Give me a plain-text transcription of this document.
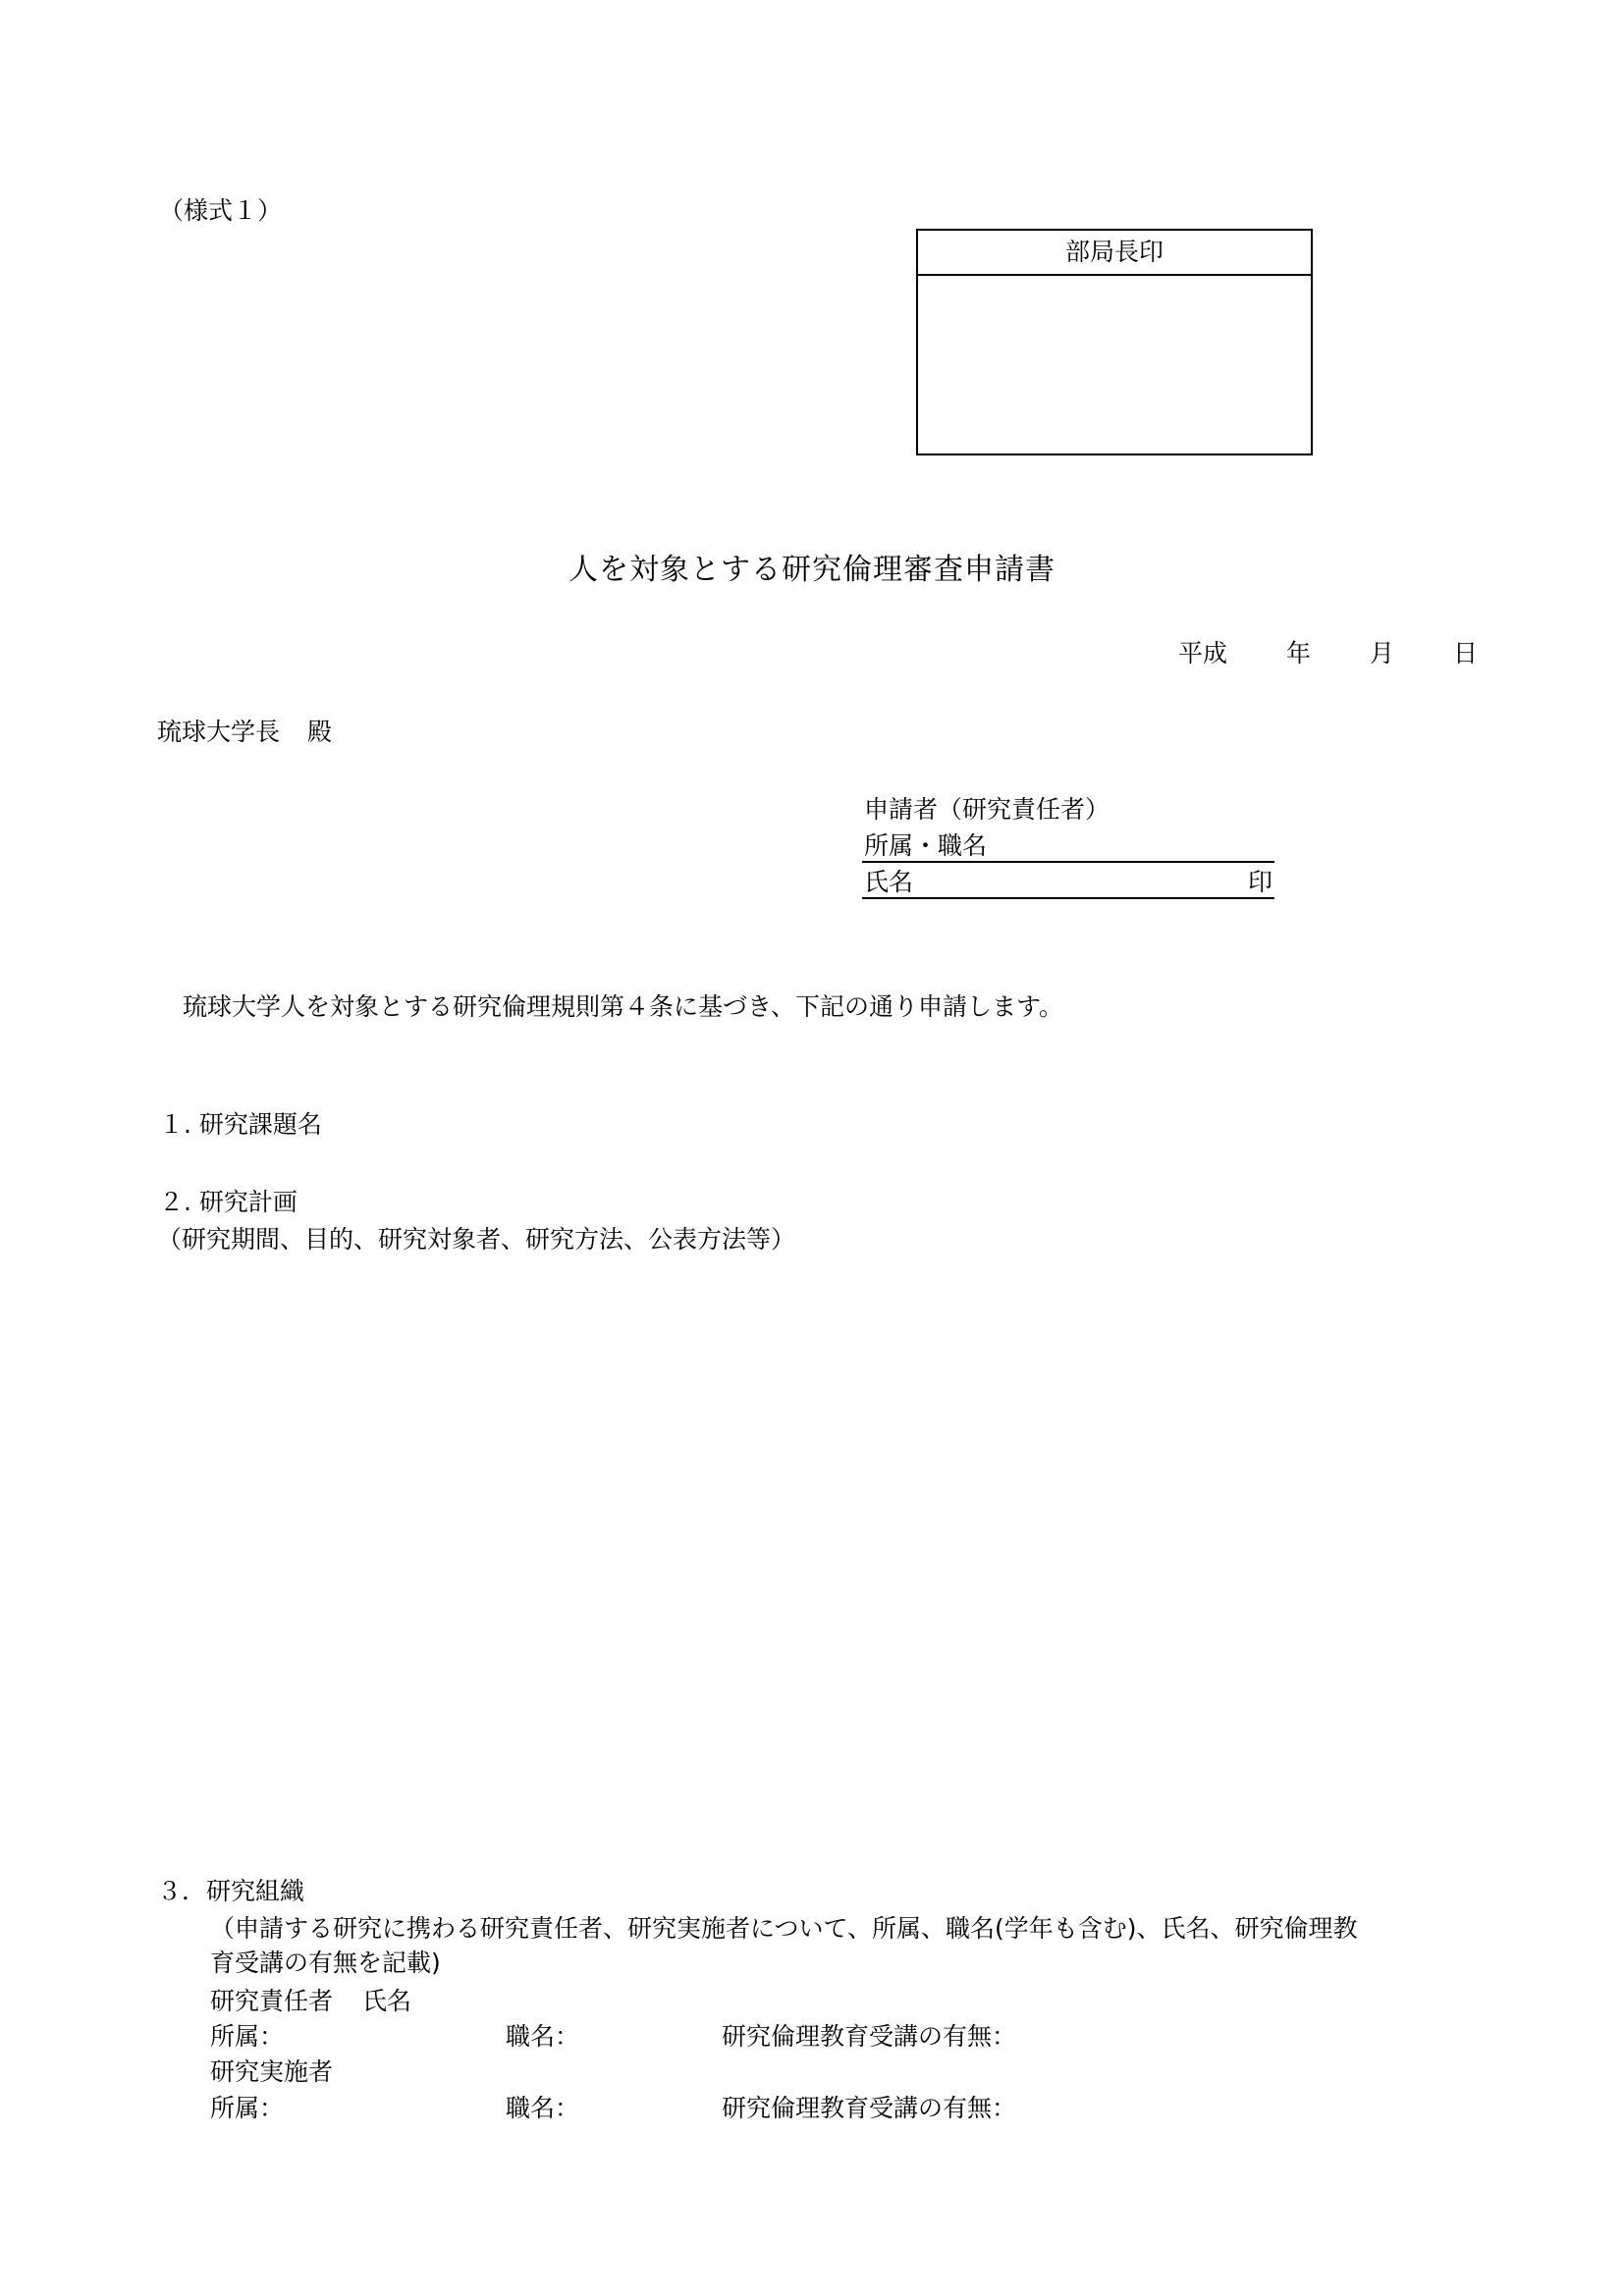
（様式１）
部局長印
人を対象とする研究倫理審査申請書
平成 年 月 日
琉球大学長 殿
申請者（研究責任者）
所属・職名
氏名	印
琉球大学人を対象とする研究倫理規則第４条に基づき、下記の通り申請します。
１. 研究課題名
２. 研究計画
（研究期間、目的、研究対象者、研究方法、公表方法等）
３．研究組織
（申請する研究に携わる研究責任者、研究実施者について、所属、職名(学年も含む)、氏名、研究倫理教
育受講の有無を記載)
研究責任者 氏名
所属：	職名：	研究倫理教育受講の有無：
研究実施者
所属：	職名：	研究倫理教育受講の有無：
